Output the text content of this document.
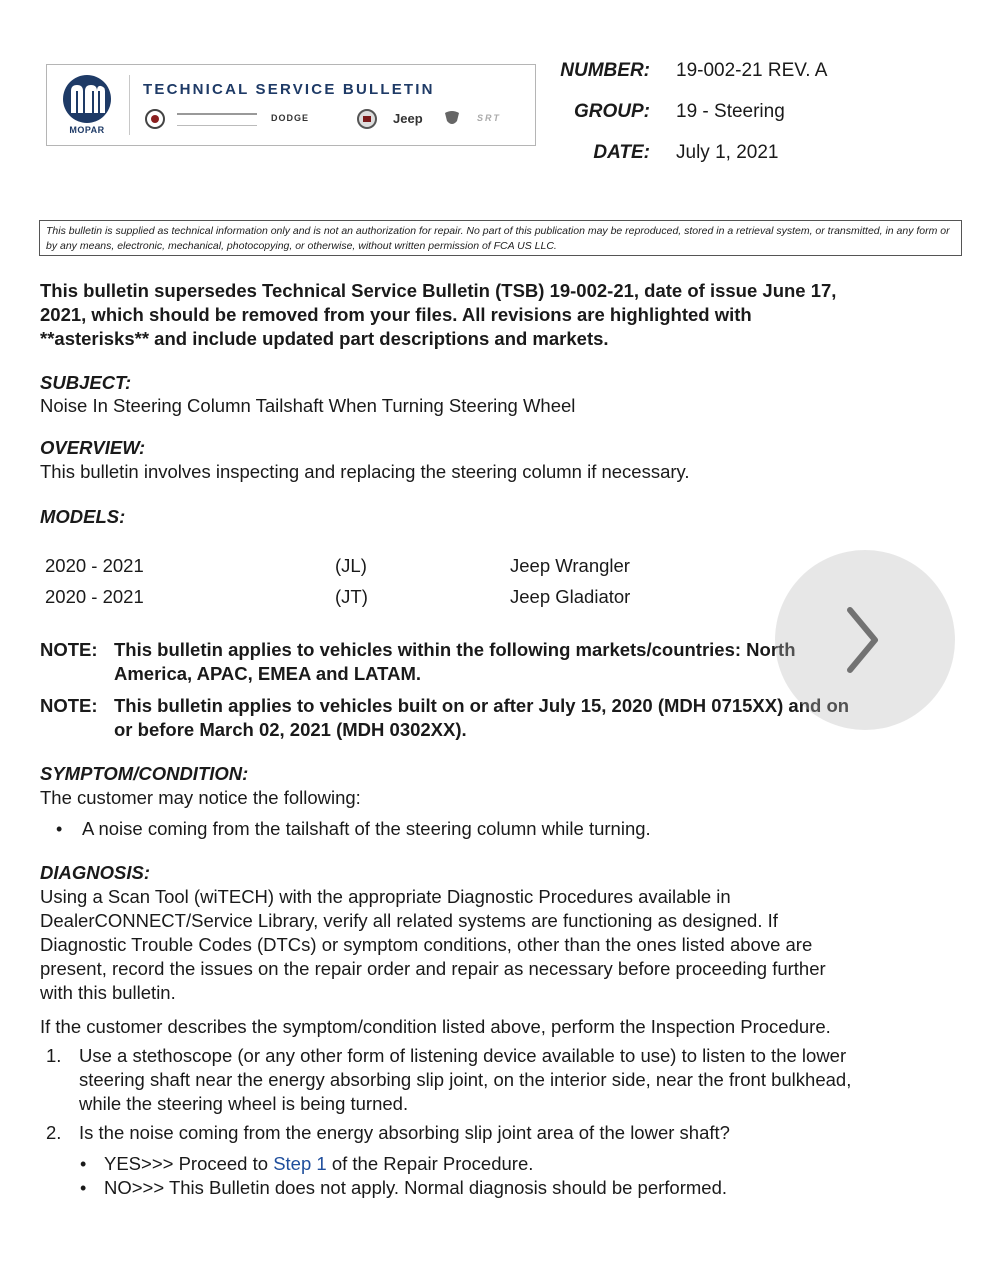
MOPAR
TECHNICAL SERVICE BULLETIN
DODGE	Jeep	SRT
NUMBER: 19-002-21 REV. A
GROUP: 19 - Steering
DATE: July 1, 2021
This bulletin is supplied as technical information only and is not an authorization for repair. No part of this publication may be reproduced, stored in a retrieval system, or transmitted, in any form or by any means, electronic, mechanical, photocopying, or otherwise, without written permission of FCA US LLC.
This bulletin supersedes Technical Service Bulletin (TSB) 19-002-21, date of issue June 17,
2021, which should be removed from your files. All revisions are highlighted with
**asterisks** and include updated part descriptions and markets.
SUBJECT:
Noise In Steering Column Tailshaft When Turning Steering Wheel
OVERVIEW:
This bulletin involves inspecting and replacing the steering column if necessary.
MODELS:
2020 - 2021	(JL)	Jeep Wrangler
2020 - 2021	(JT)	Jeep Gladiator
NOTE: This bulletin applies to vehicles within the following markets/countries: North
America, APAC, EMEA and LATAM.
NOTE: This bulletin applies to vehicles built on or after July 15, 2020 (MDH 0715XX) and on
or before March 02, 2021 (MDH 0302XX).
SYMPTOM/CONDITION:
The customer may notice the following:
• A noise coming from the tailshaft of the steering column while turning.
DIAGNOSIS:
Using a Scan Tool (wiTECH) with the appropriate Diagnostic Procedures available in
DealerCONNECT/Service Library, verify all related systems are functioning as designed. If
Diagnostic Trouble Codes (DTCs) or symptom conditions, other than the ones listed above are
present, record the issues on the repair order and repair as necessary before proceeding further
with this bulletin.
If the customer describes the symptom/condition listed above, perform the Inspection Procedure.
1. Use a stethoscope (or any other form of listening device available to use) to listen to the lower
steering shaft near the energy absorbing slip joint, on the interior side, near the front bulkhead,
while the steering wheel is being turned.
2. Is the noise coming from the energy absorbing slip joint area of the lower shaft?
• YES>>> Proceed to Step 1 of the Repair Procedure.
• NO>>> This Bulletin does not apply. Normal diagnosis should be performed.
